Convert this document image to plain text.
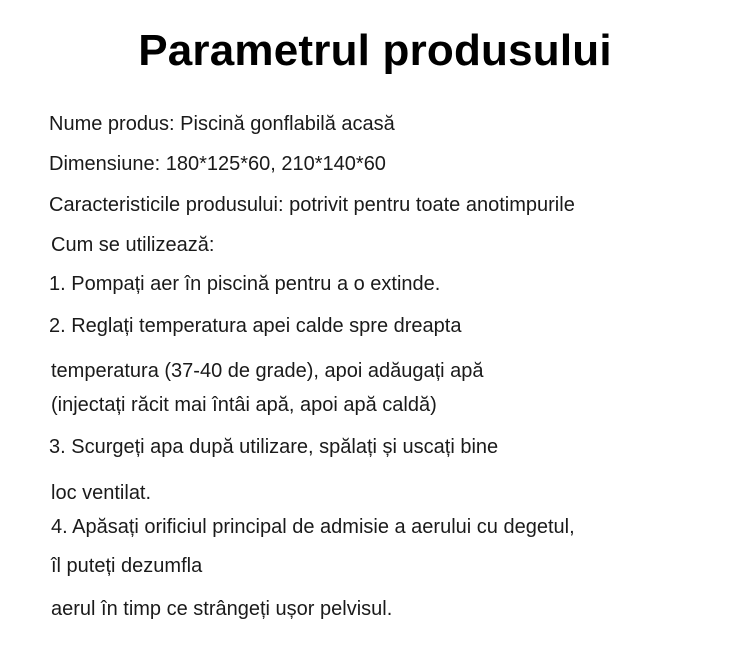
Parametrul produsului

Nume produs: Piscină gonflabilă acasă

Dimensiune: 180*125*60, 210*140*60

Caracteristicile produsului: potrivit pentru toate anotimpurile

Cum se utilizează:

1. Pompați aer în piscină pentru a o extinde.

2. Reglați temperatura apei calde spre dreapta

temperatura (37-40 de grade), apoi adăugați apă

(injectați răcit mai întâi apă, apoi apă caldă)

3. Scurgeți apa după utilizare, spălați și uscați bine

loc ventilat.

4. Apăsați orificiul principal de admisie a aerului cu degetul,

îl puteți dezumfla

aerul în timp ce strângeți ușor pelvisul.
